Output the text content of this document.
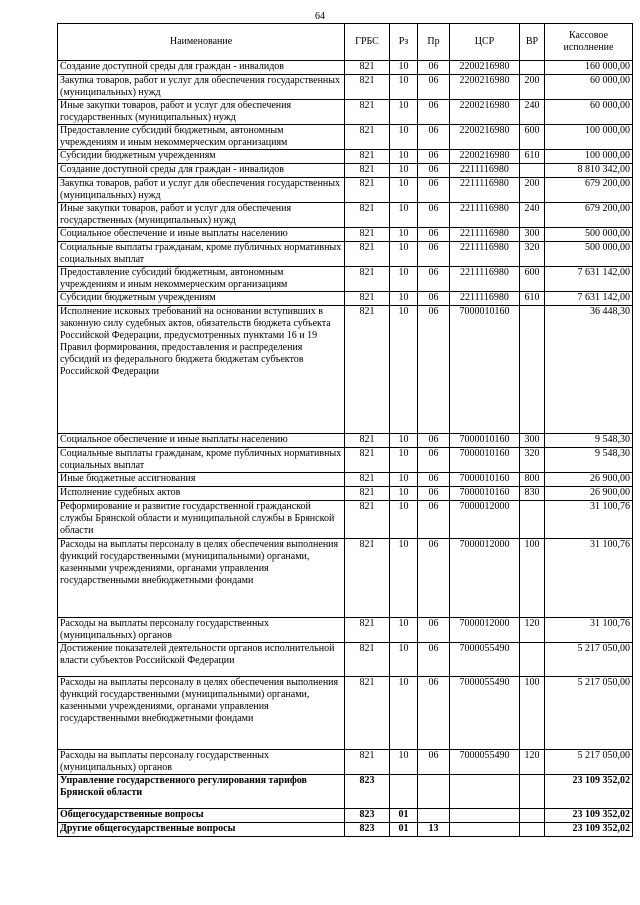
64
Наименование	ГРБС	Рз	Пр	ЦСР	ВР	Кассовое исполнение
Создание доступной среды для граждан - инвалидов	821	10	06	2200216980		160 000,00
Закупка товаров, работ и услуг для обеспечения государственных (муниципальных) нужд	821	10	06	2200216980	200	60 000,00
Иные закупки товаров, работ и услуг для обеспечения государственных (муниципальных) нужд	821	10	06	2200216980	240	60 000,00
Предоставление субсидий бюджетным, автономным учреждениям и иным некоммерческим организациям	821	10	06	2200216980	600	100 000,00
Субсидии бюджетным учреждениям	821	10	06	2200216980	610	100 000,00
Создание доступной среды для граждан - инвалидов	821	10	06	2211116980		8 810 342,00
Закупка товаров, работ и услуг для обеспечения государственных (муниципальных) нужд	821	10	06	2211116980	200	679 200,00
Иные закупки товаров, работ и услуг для обеспечения государственных (муниципальных) нужд	821	10	06	2211116980	240	679 200,00
Социальное обеспечение и иные выплаты населению	821	10	06	2211116980	300	500 000,00
Социальные выплаты гражданам, кроме публичных нормативных социальных выплат	821	10	06	2211116980	320	500 000,00
Предоставление субсидий бюджетным, автономным учреждениям и иным некоммерческим организациям	821	10	06	2211116980	600	7 631 142,00
Субсидии бюджетным учреждениям	821	10	06	2211116980	610	7 631 142,00
Исполнение исковых требований на основании вступивших в законную силу судебных актов, обязательств бюджета субъекта Российской Федерации, предусмотренных пунктами 16 и 19 Правил формирования, предоставления и распределения субсидий из федерального бюджета бюджетам субъектов Российской Федерации	821	10	06	7000010160		36 448,30
Социальное обеспечение и иные выплаты населению	821	10	06	7000010160	300	9 548,30
Социальные выплаты гражданам, кроме публичных нормативных социальных выплат	821	10	06	7000010160	320	9 548,30
Иные бюджетные ассигнования	821	10	06	7000010160	800	26 900,00
Исполнение судебных актов	821	10	06	7000010160	830	26 900,00
Реформирование и развитие государственной гражданской службы Брянской области и муниципальной службы в Брянской области	821	10	06	7000012000		31 100,76
Расходы на выплаты персоналу в целях обеспечения выполнения функций государственными (муниципальными) органами, казенными учреждениями, органами управления государственными внебюджетными фондами	821	10	06	7000012000	100	31 100,76
Расходы на выплаты персоналу государственных (муниципальных) органов	821	10	06	7000012000	120	31 100,76
Достижение показателей деятельности органов исполнительной власти субъектов Российской Федерации	821	10	06	7000055490		5 217 050,00
Расходы на выплаты персоналу в целях обеспечения выполнения функций государственными (муниципальными) органами, казенными учреждениями, органами управления государственными внебюджетными фондами	821	10	06	7000055490	100	5 217 050,00
Расходы на выплаты персоналу государственных (муниципальных) органов	821	10	06	7000055490	120	5 217 050,00
Управление государственного регулирования тарифов Брянской области	823					23 109 352,02
Общегосударственные вопросы	823	01				23 109 352,02
Другие общегосударственные вопросы	823	01	13			23 109 352,02
